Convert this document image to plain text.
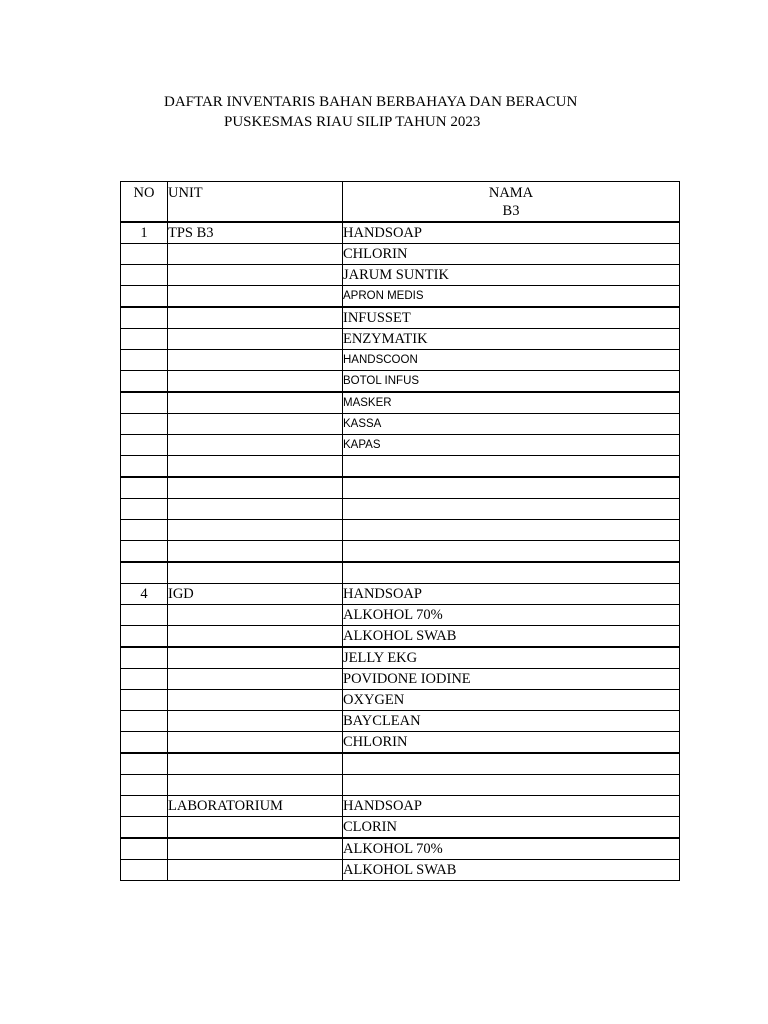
DAFTAR INVENTARIS BAHAN BERBAHAYA DAN BERACUN
PUSKESMAS RIAU SILIP TAHUN 2023
NO	UNIT	NAMA
B3
1	TPS B3	HANDSOAP
		CHLORIN
		JARUM SUNTIK
		APRON MEDIS
		INFUSSET
		ENZYMATIK
		HANDSCOON
		BOTOL INFUS
		MASKER
		KASSA
		KAPAS

4	IGD	HANDSOAP
		ALKOHOL 70%
		ALKOHOL SWAB
		JELLY EKG
		POVIDONE IODINE
		OXYGEN
		BAYCLEAN
		CHLORIN

	LABORATORIUM	HANDSOAP
		CLORIN
		ALKOHOL 70%
		ALKOHOL SWAB
